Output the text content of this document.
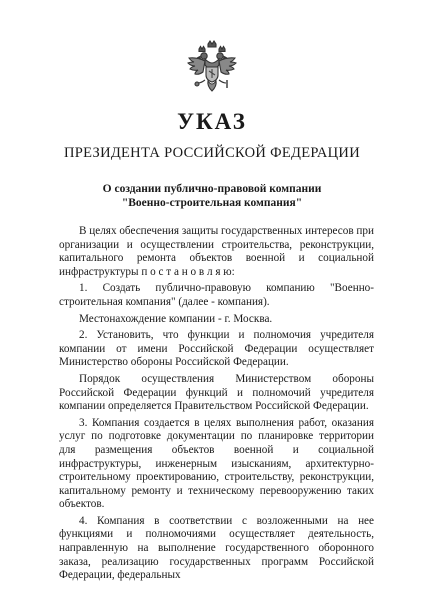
УКАЗ
ПРЕЗИДЕНТА РОССИЙСКОЙ ФЕДЕРАЦИИ
О создании публично-правовой компании
"Военно-строительная компания"

В целях обеспечения защиты государственных интересов при организации и осуществлении строительства, реконструкции, капитального ремонта объектов военной и социальной инфраструктуры п о с т а н о в л я ю:

1. Создать публично-правовую компанию "Военно-строительная компания" (далее - компания).

Местонахождение компании - г. Москва.

2. Установить, что функции и полномочия учредителя компании от имени Российской Федерации осуществляет Министерство обороны Российской Федерации.

Порядок осуществления Министерством обороны Российской Федерации функций и полномочий учредителя компании определяется Правительством Российской Федерации.

3. Компания создается в целях выполнения работ, оказания услуг по подготовке документации по планировке территории для размещения объектов военной и социальной инфраструктуры, инженерным изысканиям, архитектурно-строительному проектированию, строительству, реконструкции, капитальному ремонту и техническому перевооружению таких объектов.

4. Компания в соответствии с возложенными на нее функциями и полномочиями осуществляет деятельность, направленную на выполнение государственного оборонного заказа, реализацию государственных программ Российской Федерации, федеральных
